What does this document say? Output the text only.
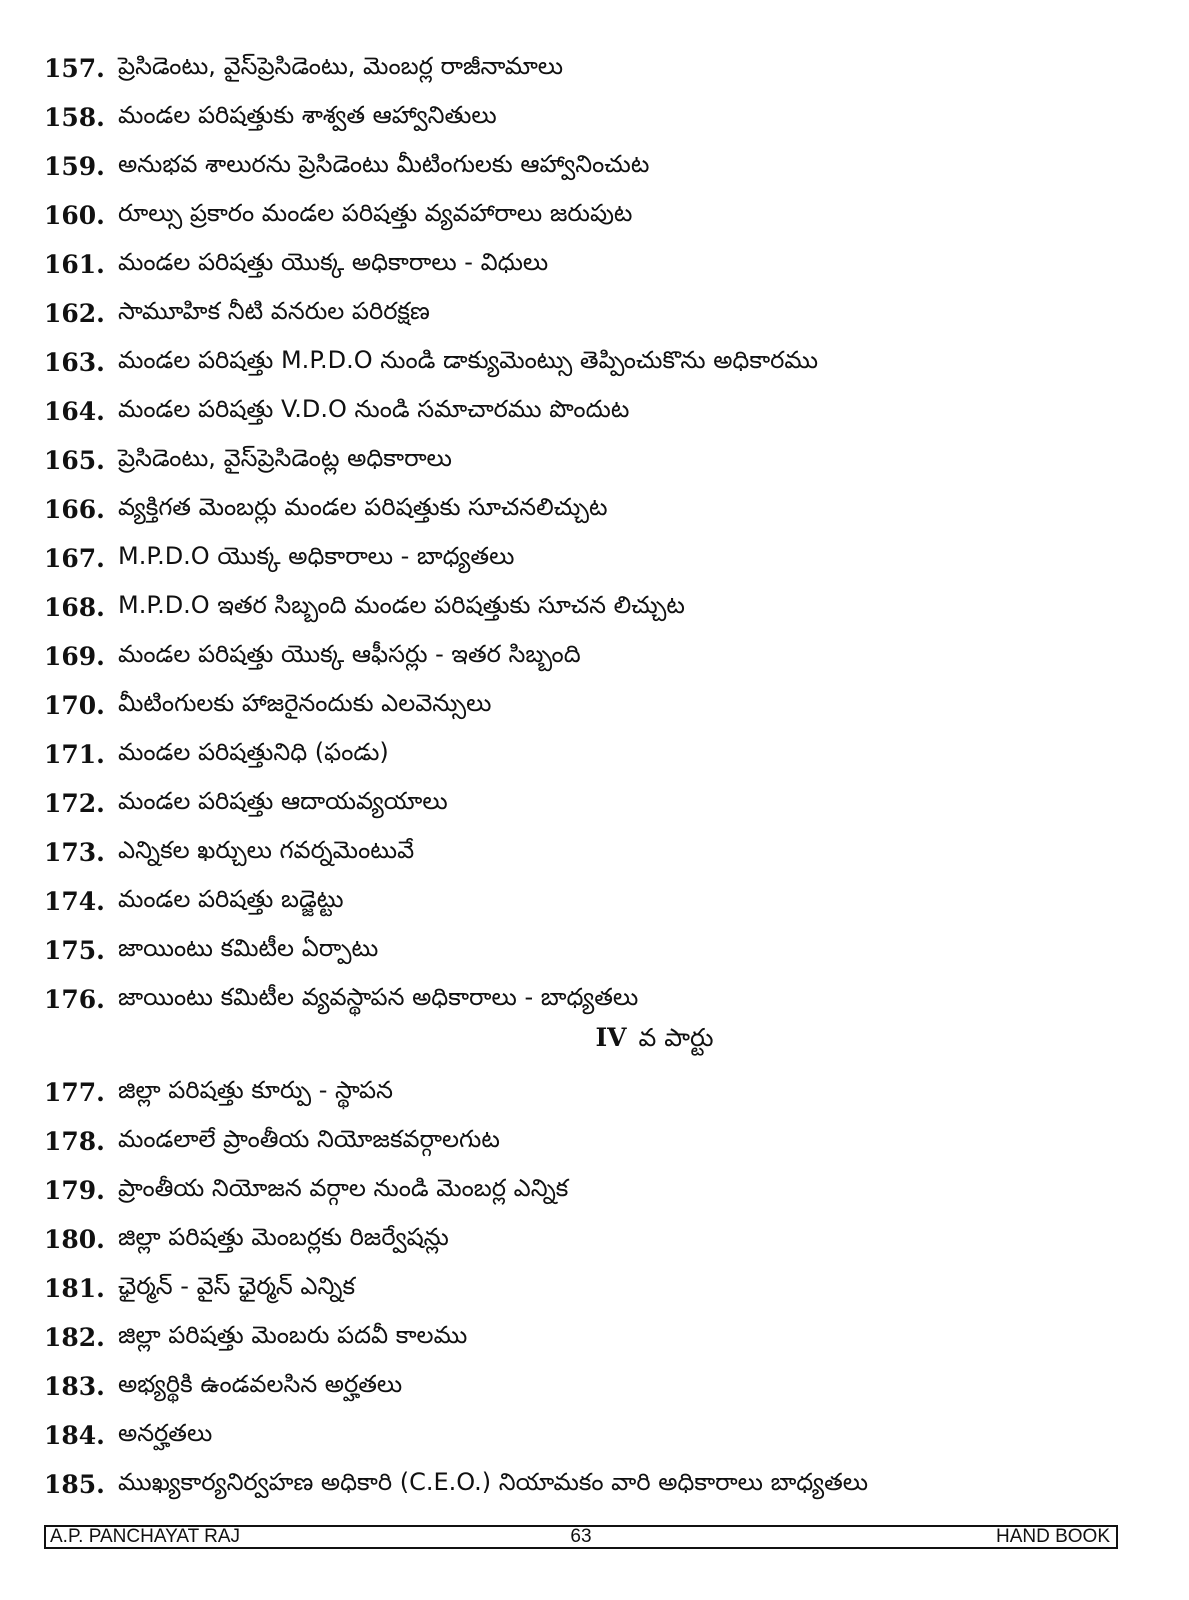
157. ప్రెసిడెంటు, వైస్‌ప్రెసిడెంటు, మెంబర్ల రాజీనామాలు
158. మండల పరిషత్తుకు శాశ్వత ఆహ్వానితులు
159. అనుభవ శాలురను ప్రెసిడెంటు మీటింగులకు ఆహ్వానించుట
160. రూల్సు ప్రకారం మండల పరిషత్తు వ్యవహారాలు జరుపుట
161. మండల పరిషత్తు యొక్క అధికారాలు - విధులు
162. సామూహిక నీటి వనరుల పరిరక్షణ
163. మండల పరిషత్తు M.P.D.O నుండి డాక్యుమెంట్సు తెప్పించుకొను అధికారము
164. మండల పరిషత్తు V.D.O నుండి సమాచారము పొందుట
165. ప్రెసిడెంటు, వైస్‌ప్రెసిడెంట్ల అధికారాలు
166. వ్యక్తిగత మెంబర్లు మండల పరిషత్తుకు సూచనలిచ్చుట
167. M.P.D.O యొక్క అధికారాలు - బాధ్యతలు
168. M.P.D.O ఇతర సిబ్బంది మండల పరిషత్తుకు సూచన లిచ్చుట
169. మండల పరిషత్తు యొక్క ఆఫీసర్లు - ఇతర సిబ్బంది
170. మీటింగులకు హాజరైనందుకు ఎలవెన్సులు
171. మండల పరిషత్తునిధి (ఫండు)
172. మండల పరిషత్తు ఆదాయవ్యయాలు
173. ఎన్నికల ఖర్చులు గవర్నమెంటువే
174. మండల పరిషత్తు బడ్జెట్టు
175. జాయింటు కమిటీల ఏర్పాటు
176. జాయింటు కమిటీల వ్యవస్థాపన అధికారాలు - బాధ్యతలు
IV వ పార్టు
177. జిల్లా పరిషత్తు కూర్పు - స్థాపన
178. మండలాలే ప్రాంతీయ నియోజకవర్గాలగుట
179. ప్రాంతీయ నియోజన వర్గాల నుండి మెంబర్ల ఎన్నిక
180. జిల్లా పరిషత్తు మెంబర్లకు రిజర్వేషన్లు
181. ఛైర్మన్ - వైస్ ఛైర్మన్ ఎన్నిక
182. జిల్లా పరిషత్తు మెంబరు పదవీ కాలము
183. అభ్యర్థికి ఉండవలసిన అర్హతలు
184. అనర్హతలు
185. ముఖ్యకార్యనిర్వహణ అధికారి (C.E.O.) నియామకం వారి అధికారాలు బాధ్యతలు
A.P. PANCHAYAT RAJ	63	HAND BOOK
